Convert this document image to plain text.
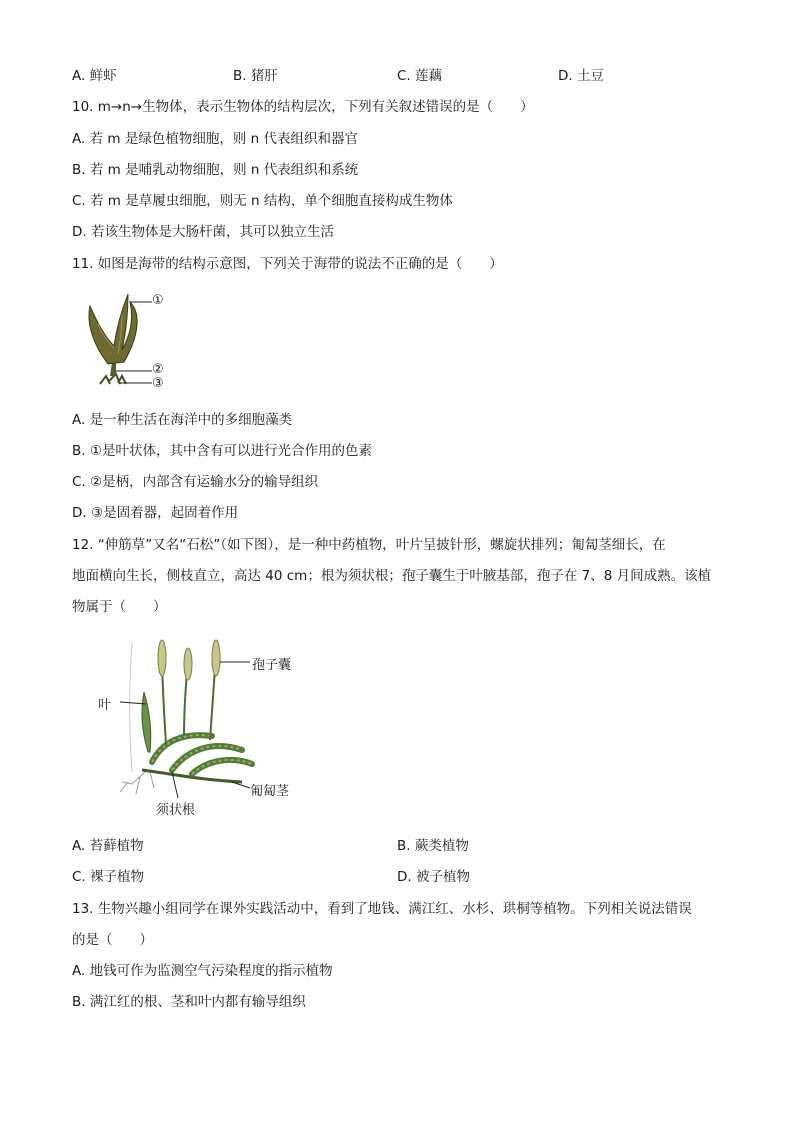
A. 鲜虾	B. 猪肝	C. 莲藕	D. 土豆
10. m→n→生物体，表示生物体的结构层次，下列有关叙述错误的是（　　）
A. 若 m 是绿色植物细胞，则 n 代表组织和器官
B. 若 m 是哺乳动物细胞，则 n 代表组织和系统
C. 若 m 是草履虫细胞，则无 n 结构，单个细胞直接构成生物体
D. 若该生物体是大肠杆菌，其可以独立生活
11. 如图是海带的结构示意图，下列关于海带的说法不正确的是（　　）
①
②
③
A. 是一种生活在海洋中的多细胞藻类
B. ①是叶状体，其中含有可以进行光合作用的色素
C. ②是柄，内部含有运输水分的输导组织
D. ③是固着器，起固着作用
12. “伸筋草”又名“石松”（如下图），是一种中药植物，叶片呈披针形，螺旋状排列；匍匐茎细长，在
地面横向生长，侧枝直立，高达 40 cm；根为须状根；孢子囊生于叶腋基部，孢子在 7、8 月间成熟。该植
物属于（　　）
孢子囊
叶
匍匐茎
须状根
A. 苔藓植物	B. 蕨类植物
C. 裸子植物	D. 被子植物
13. 生物兴趣小组同学在课外实践活动中，看到了地钱、满江红、水杉、珙桐等植物。下列相关说法错误
的是（　　）
A. 地钱可作为监测空气污染程度的指示植物
B. 满江红的根、茎和叶内都有输导组织
